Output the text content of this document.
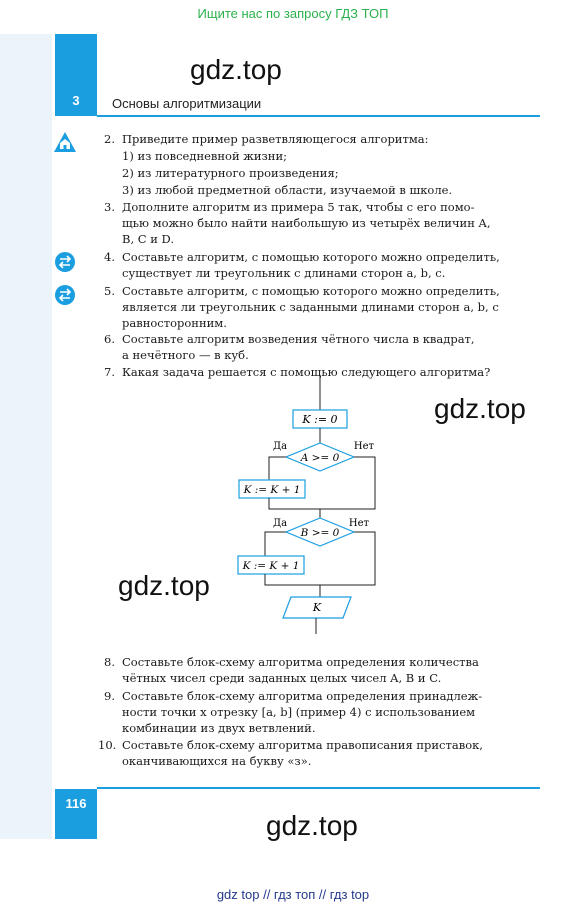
Ищите нас по запросу ГДЗ ТОП
3	Основы алгоритмизации
gdz.top
gdz.top
gdz.top
gdz.top
2. Приведите пример разветвляющегося алгоритма:
1) из повседневной жизни;
2) из литературного произведения;
3) из любой предметной области, изучаемой в школе.
3. Дополните алгоритм из примера 5 так, чтобы с его помо-
щью можно было найти наибольшую из четырёх величин A,
B, C и D.
4. Составьте алгоритм, с помощью которого можно определить,
существует ли треугольник с длинами сторон a, b, c.
5. Составьте алгоритм, с помощью которого можно определить,
является ли треугольник с заданными длинами сторон a, b, c
равносторонним.
6. Составьте алгоритм возведения чётного числа в квадрат,
а нечётного — в куб.
7. Какая задача решается с помощью следующего алгоритма?
K := 0
A >= 0
Да	Нет
K := K + 1
B >= 0
Да	Нет
K := K + 1
K
8. Составьте блок-схему алгоритма определения количества
чётных чисел среди заданных целых чисел A, B и C.
9. Составьте блок-схему алгоритма определения принадлеж-
ности точки x отрезку [a, b] (пример 4) с использованием
комбинации из двух ветвлений.
10. Составьте блок-схему алгоритма правописания приставок,
оканчивающихся на букву «з».
116
gdz top // гдз топ // гдз top
